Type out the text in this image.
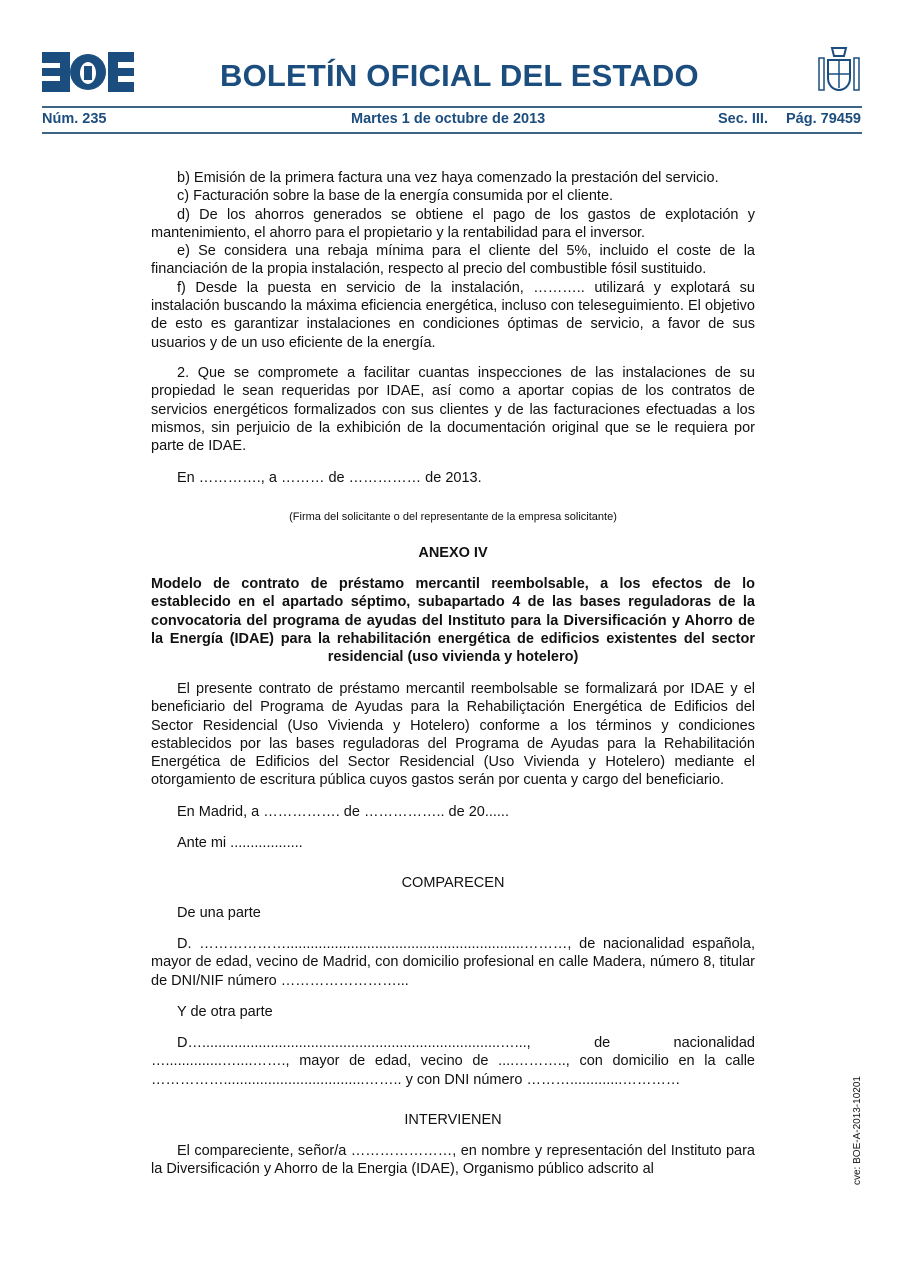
BOLETÍN OFICIAL DEL ESTADO
Núm. 235	Martes 1 de octubre de 2013	Sec. III. Pág. 79459
b) Emisión de la primera factura una vez haya comenzado la prestación del servicio.
c) Facturación sobre la base de la energía consumida por el cliente.
d) De los ahorros generados se obtiene el pago de los gastos de explotación y mantenimiento, el ahorro para el propietario y la rentabilidad para el inversor.
e) Se considera una rebaja mínima para el cliente del 5%, incluido el coste de la financiación de la propia instalación, respecto al precio del combustible fósil sustituido.
f) Desde la puesta en servicio de la instalación, ……….. utilizará y explotará su instalación buscando la máxima eficiencia energética, incluso con teleseguimiento. El objetivo de esto es garantizar instalaciones en condiciones óptimas de servicio, a favor de sus usuarios y de un uso eficiente de la energía.
2. Que se compromete a facilitar cuantas inspecciones de las instalaciones de su propiedad le sean requeridas por IDAE, así como a aportar copias de los contratos de servicios energéticos formalizados con sus clientes y de las facturaciones efectuadas a los mismos, sin perjuicio de la exhibición de la documentación original que se le requiera por parte de IDAE.
En …………., a ……… de …………… de 2013.
(Firma del solicitante o del representante de la empresa solicitante)
ANEXO IV
Modelo de contrato de préstamo mercantil reembolsable, a los efectos de lo establecido en el apartado séptimo, subapartado 4 de las bases reguladoras de la convocatoria del programa de ayudas del Instituto para la Diversificación y Ahorro de la Energía (IDAE) para la rehabilitación energética de edificios existentes del sector residencial (uso vivienda y hotelero)
El presente contrato de préstamo mercantil reembolsable se formalizará por IDAE y el beneficiario del Programa de Ayudas para la Rehabiliçtación Energética de Edificios del Sector Residencial (Uso Vivienda y Hotelero) conforme a los términos y condiciones establecidos por las bases reguladoras del Programa de Ayudas para la Rehabilitación Energética de Edificios del Sector Residencial (Uso Vivienda y Hotelero) mediante el otorgamiento de escritura pública cuyos gastos serán por cuenta y cargo del beneficiario.
En Madrid, a ……………. de …………….. de 20......
Ante mi ..................
COMPARECEN
De una parte
D. ………………...........................................................………, de nacionalidad española, mayor de edad, vecino de Madrid, con domicilio profesional en calle Madera, número 8, titular de DNI/NIF número ……………………...
Y de otra parte
D…..........................................................................…..., de nacionalidad …..............…....……., mayor de edad, vecino de ....……….., con domicilio en la calle ……………...................................…….. y con DNI número ……….............…………
INTERVIENEN
El compareciente, señor/a …………………, en nombre y representación del Instituto para la Diversificación y Ahorro de la Energia (IDAE), Organismo público adscrito al	cve: BOE-A-2013-10201
